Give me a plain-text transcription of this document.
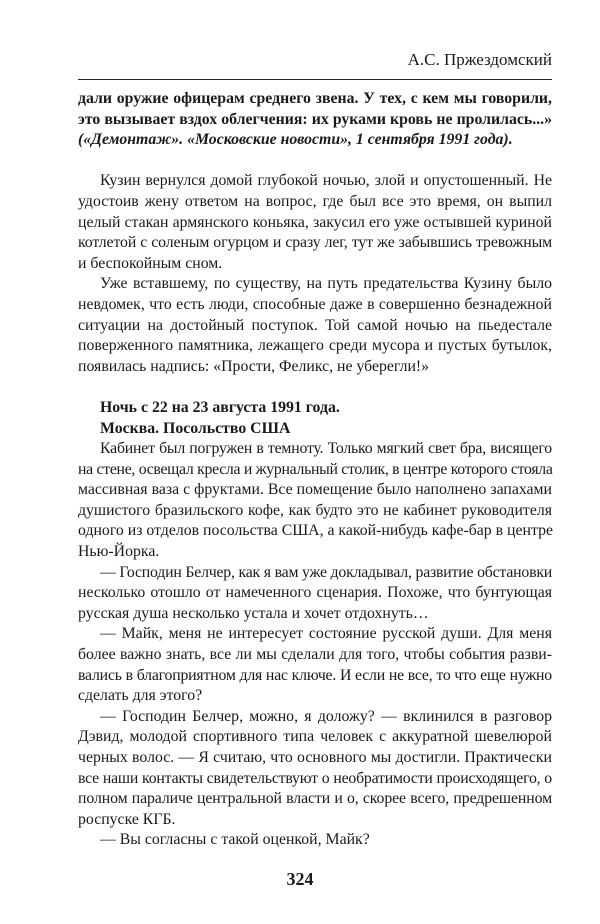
А.С. Пржездомский
дали оружие офицерам среднего звена. У тех, с кем мы говорили,
это вызывает вздох облегчения: их руками кровь не пролилась...»
(«Демонтаж». «Московские новости», 1 сентября 1991 года).
Кузин вернулся домой глубокой ночью, злой и опустошенный. Не
удостоив жену ответом на вопрос, где был все это время, он выпил
целый стакан армянского коньяка, закусил его уже остывшей куриной
котлетой с соленым огурцом и сразу лег, тут же забывшись тревожным
и беспокойным сном.
Уже вставшему, по существу, на путь предательства Кузину было
невдомек, что есть люди, способные даже в совершенно безнадежной
ситуации на достойный поступок. Той самой ночью на пьедестале
поверженного памятника, лежащего среди мусора и пустых бутылок,
появилась надпись: «Прости, Феликс, не уберегли!»
Ночь с 22 на 23 августа 1991 года.
Москва. Посольство США
Кабинет был погружен в темноту. Только мягкий свет бра, висящего
на стене, освещал кресла и журнальный столик, в центре которого стояла
массивная ваза с фруктами. Все помещение было наполнено запахами
душистого бразильского кофе, как будто это не кабинет руководителя
одного из отделов посольства США, а какой-нибудь кафе-бар в центре
Нью-Йорка.
— Господин Белчер, как я вам уже докладывал, развитие обстановки
несколько отошло от намеченного сценария. Похоже, что бунтующая
русская душа несколько устала и хочет отдохнуть…
— Майк, меня не интересует состояние русской души. Для меня
более важно знать, все ли мы сделали для того, чтобы события разви-
вались в благоприятном для нас ключе. И если не все, то что еще нужно
сделать для этого?
— Господин Белчер, можно, я доложу? — вклинился в разговор
Дэвид, молодой спортивного типа человек с аккуратной шевелюрой
черных волос. — Я считаю, что основного мы достигли. Практически
все наши контакты свидетельствуют о необратимости происходящего, о
полном параличе центральной власти и о, скорее всего, предрешенном
роспуске КГБ.
— Вы согласны с такой оценкой, Майк?
324
